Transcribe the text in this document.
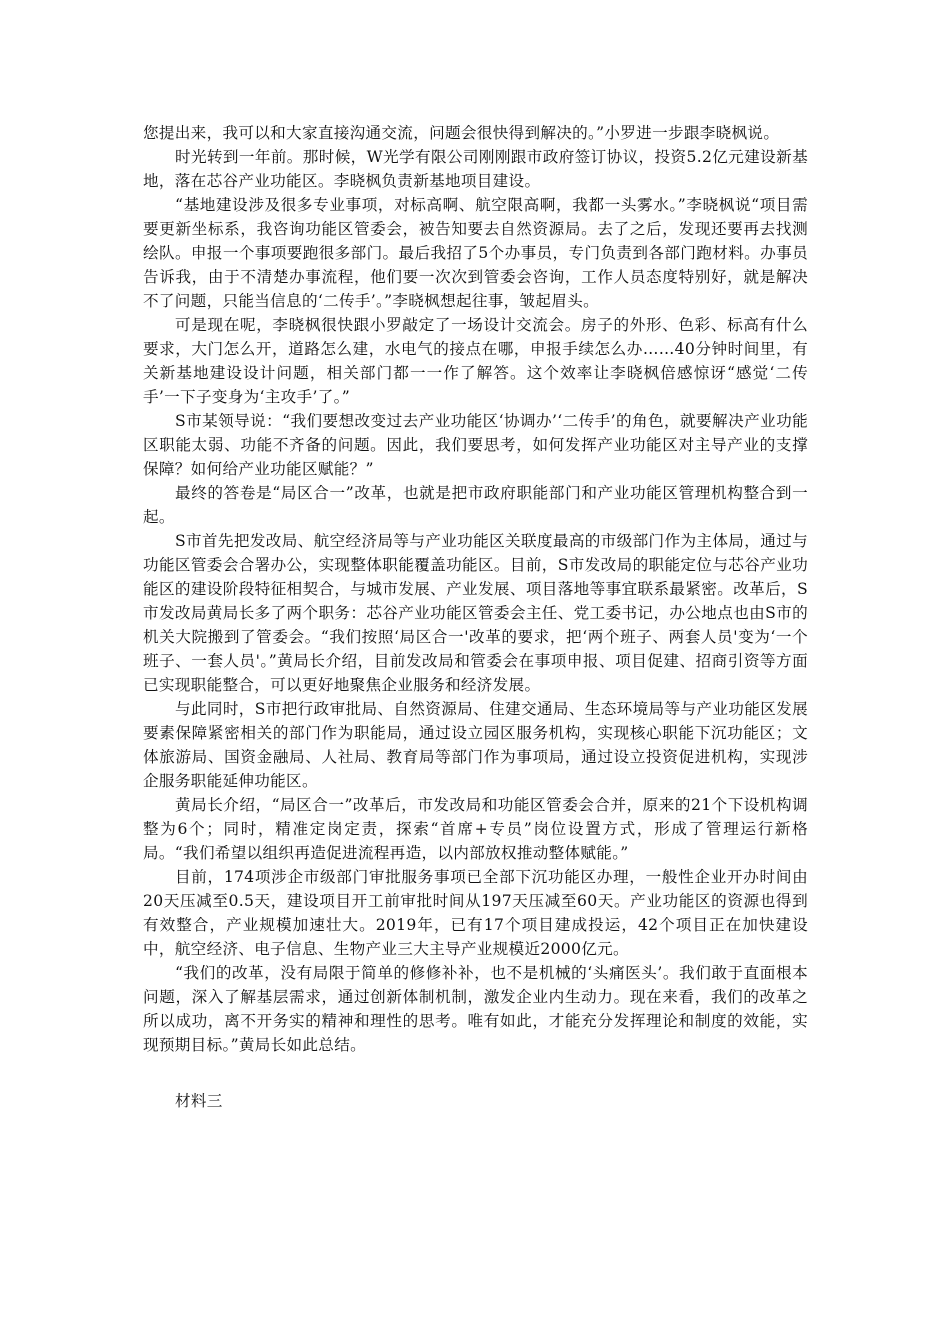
您提出来，我可以和大家直接沟通交流，问题会很快得到解决的。”小罗进一步跟李晓枫说。

时光转到一年前。那时候，W光学有限公司刚刚跟市政府签订协议，投资5.2亿元建设新基地，落在芯谷产业功能区。李晓枫负责新基地项目建设。

“基地建设涉及很多专业事项，对标高啊、航空限高啊，我都一头雾水。”李晓枫说“项目需要更新坐标系，我咨询功能区管委会，被告知要去自然资源局。去了之后，发现还要再去找测绘队。申报一个事项要跑很多部门。最后我招了5个办事员，专门负责到各部门跑材料。办事员告诉我，由于不清楚办事流程，他们要一次次到管委会咨询，工作人员态度特别好，就是解决不了问题，只能当信息的‘二传手’。”李晓枫想起往事，皱起眉头。

可是现在呢，李晓枫很快跟小罗敲定了一场设计交流会。房子的外形、色彩、标高有什么要求，大门怎么开，道路怎么建，水电气的接点在哪，申报手续怎么办……40分钟时间里，有关新基地建设设计问题，相关部门都一一作了解答。这个效率让李晓枫倍感惊讶“感觉‘二传手’一下子变身为‘主攻手’了。”

S市某领导说：“我们要想改变过去产业功能区‘协调办’‘二传手’的角色，就要解决产业功能区职能太弱、功能不齐备的问题。因此，我们要思考，如何发挥产业功能区对主导产业的支撑保障？如何给产业功能区赋能？”

最终的答卷是“局区合一”改革，也就是把市政府职能部门和产业功能区管理机构整合到一起。

S市首先把发改局、航空经济局等与产业功能区关联度最高的市级部门作为主体局，通过与功能区管委会合署办公，实现整体职能覆盖功能区。目前，S市发改局的职能定位与芯谷产业功能区的建设阶段特征相契合，与城市发展、产业发展、项目落地等事宜联系最紧密。改革后，S市发改局黄局长多了两个职务：芯谷产业功能区管委会主任、党工委书记，办公地点也由S市的机关大院搬到了管委会。“我们按照‘局区合一'改革的要求，把‘两个班子、两套人员'变为‘一个班子、一套人员'。”黄局长介绍，目前发改局和管委会在事项申报、项目促建、招商引资等方面已实现职能整合，可以更好地聚焦企业服务和经济发展。

与此同时，S市把行政审批局、自然资源局、住建交通局、生态环境局等与产业功能区发展要素保障紧密相关的部门作为职能局，通过设立园区服务机构，实现核心职能下沉功能区；文体旅游局、国资金融局、人社局、教育局等部门作为事项局，通过设立投资促进机构，实现涉企服务职能延伸功能区。

黄局长介绍，“局区合一”改革后，市发改局和功能区管委会合并，原来的21个下设机构调整为6个；同时，精准定岗定责，探索“首席+专员”岗位设置方式，形成了管理运行新格局。“我们希望以组织再造促进流程再造，以内部放权推动整体赋能。”

目前，174项涉企市级部门审批服务事项已全部下沉功能区办理，一般性企业开办时间由20天压减至0.5天，建设项目开工前审批时间从197天压减至60天。产业功能区的资源也得到有效整合，产业规模加速壮大。2019年，已有17个项目建成投运，42个项目正在加快建设中，航空经济、电子信息、生物产业三大主导产业规模近2000亿元。

“我们的改革，没有局限于简单的修修补补，也不是机械的‘头痛医头’。我们敢于直面根本问题，深入了解基层需求，通过创新体制机制，激发企业内生动力。现在来看，我们的改革之所以成功，离不开务实的精神和理性的思考。唯有如此，才能充分发挥理论和制度的效能，实现预期目标。”黄局长如此总结。

材料三
